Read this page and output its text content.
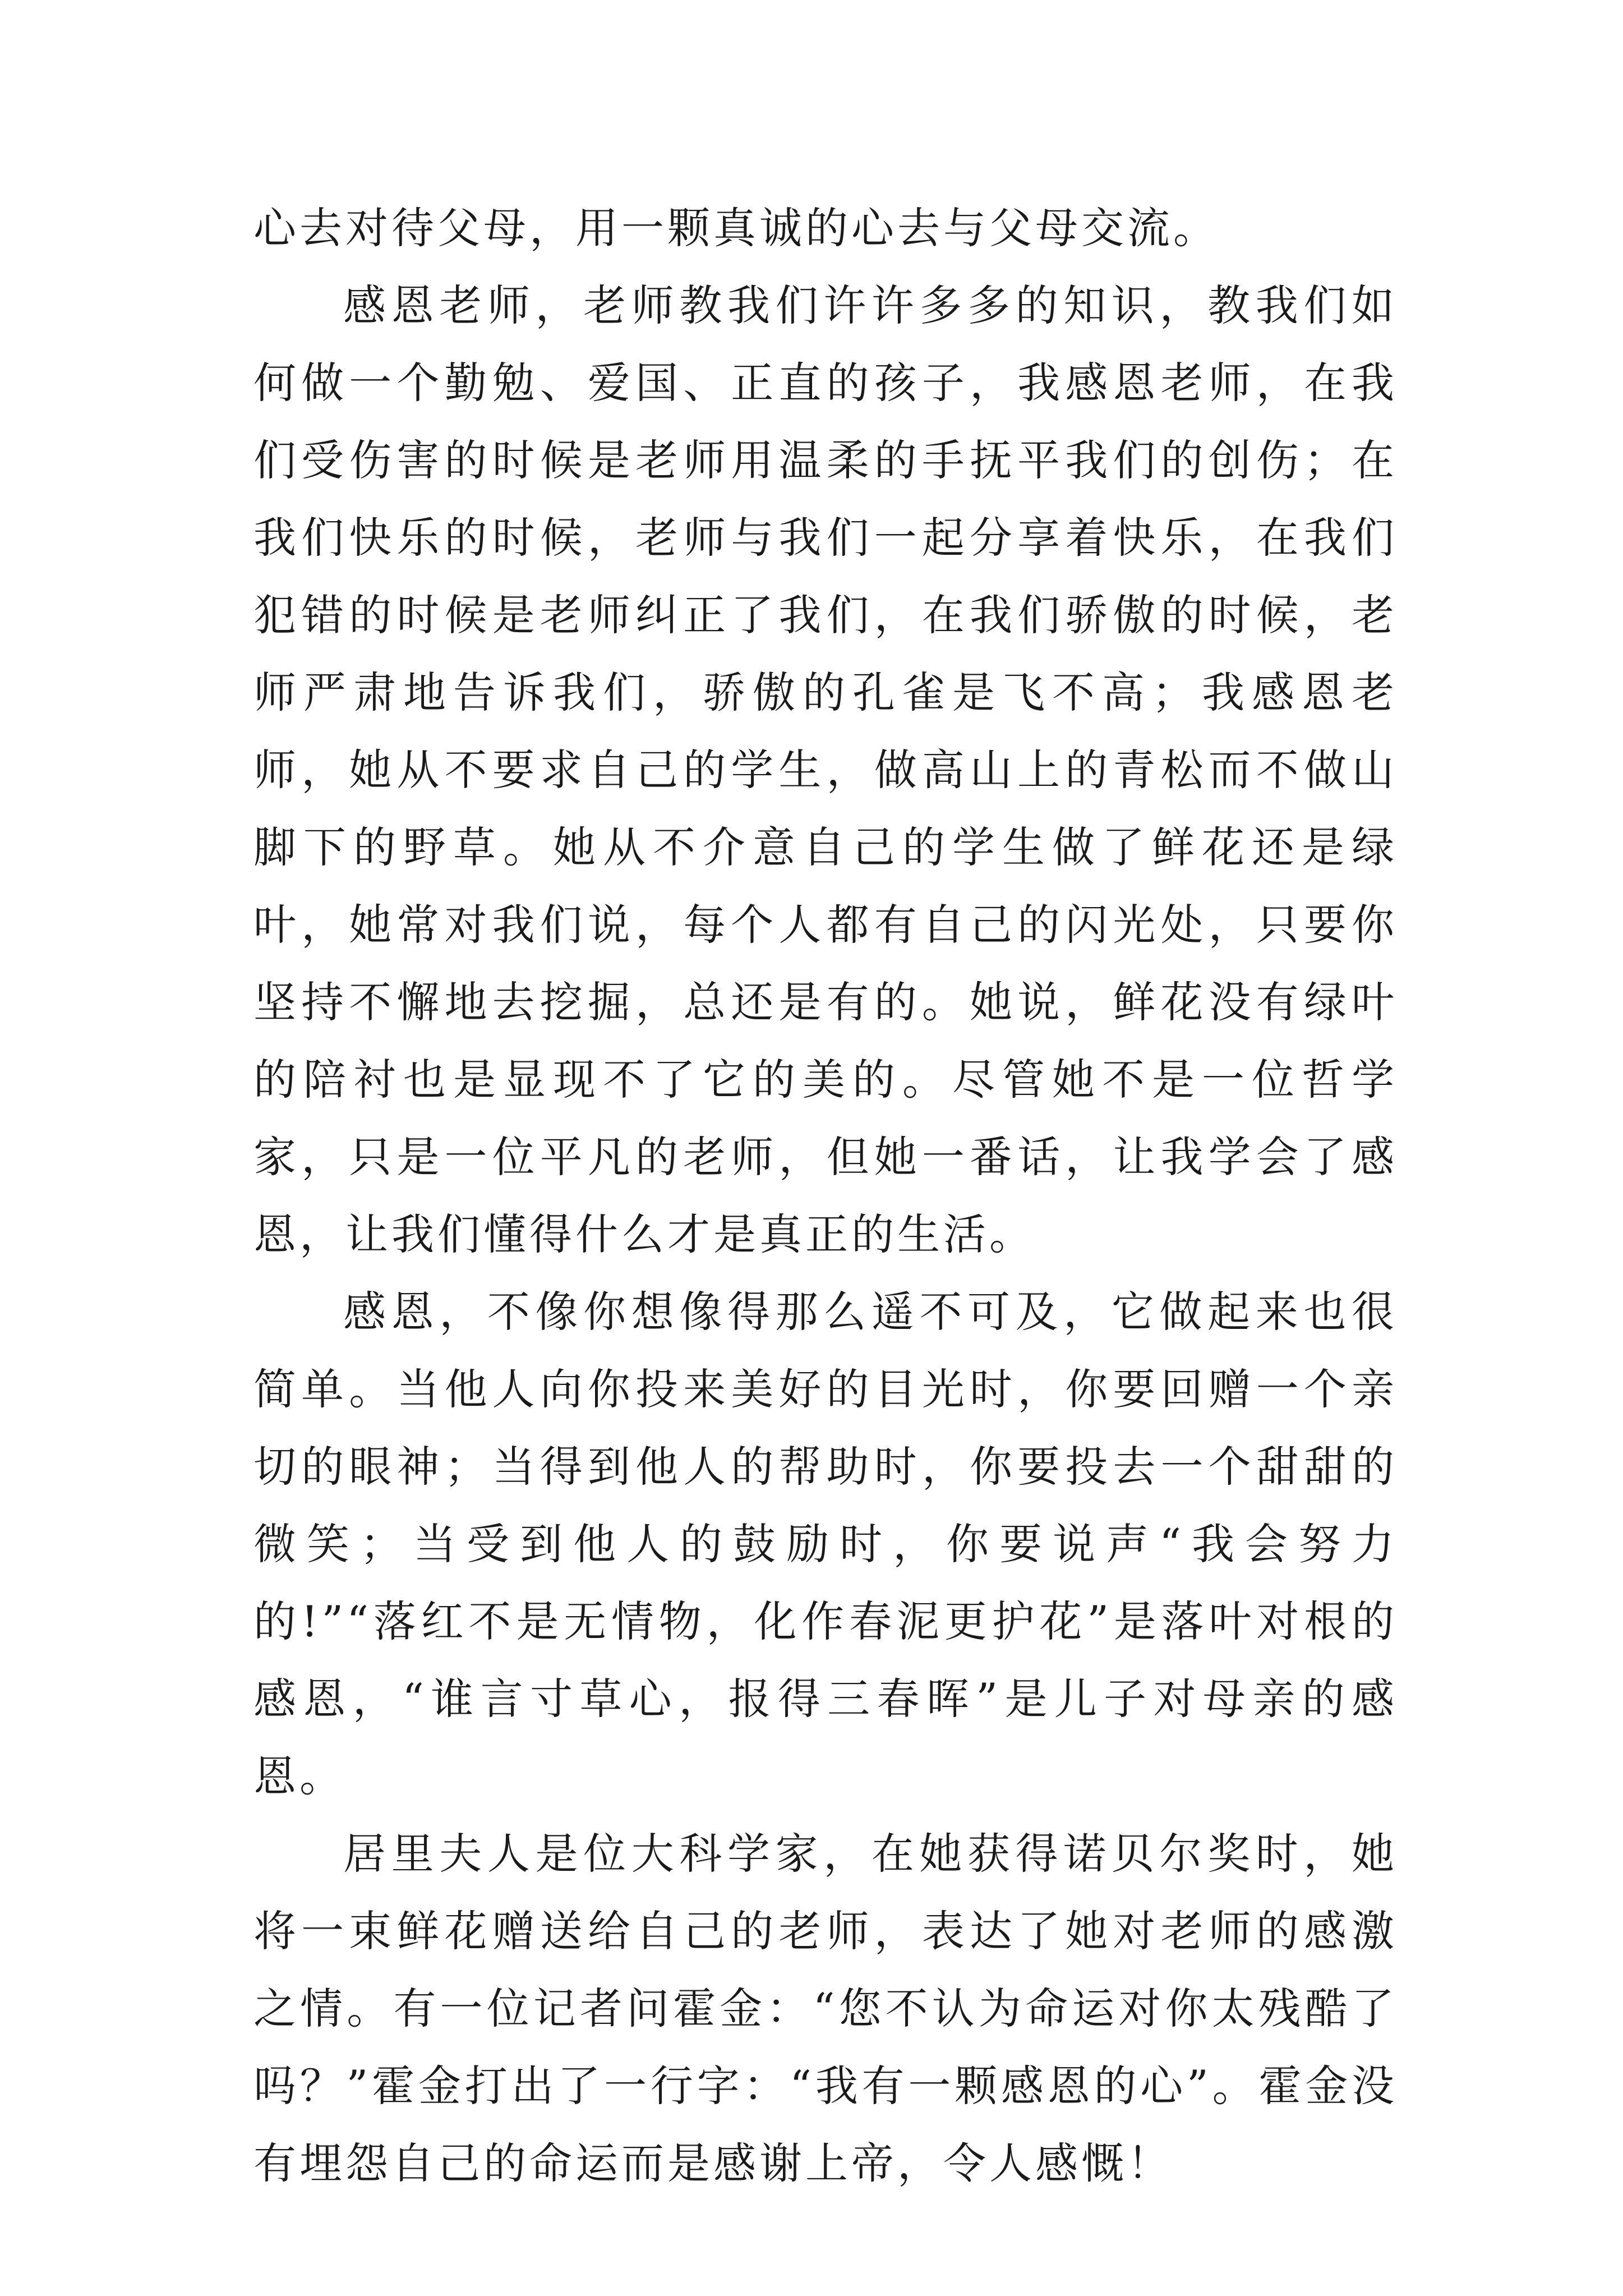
心去对待父母，用一颗真诚的心去与父母交流。

感恩老师，老师教我们许许多多的知识，教我们如何做一个勤勉、爱国、正直的孩子，我感恩老师，在我们受伤害的时候是老师用温柔的手抚平我们的创伤；在我们快乐的时候，老师与我们一起分享着快乐，在我们犯错的时候是老师纠正了我们，在我们骄傲的时候，老师严肃地告诉我们，骄傲的孔雀是飞不高；我感恩老师，她从不要求自己的学生，做高山上的青松而不做山脚下的野草。她从不介意自己的学生做了鲜花还是绿叶，她常对我们说，每个人都有自己的闪光处，只要你坚持不懈地去挖掘，总还是有的。她说，鲜花没有绿叶的陪衬也是显现不了它的美的。尽管她不是一位哲学家，只是一位平凡的老师，但她一番话，让我学会了感恩，让我们懂得什么才是真正的生活。

感恩，不像你想像得那么遥不可及，它做起来也很简单。当他人向你投来美好的目光时，你要回赠一个亲切的眼神；当得到他人的帮助时，你要投去一个甜甜的微笑；当受到他人的鼓励时，你要说声“我会努力的!”“落红不是无情物，化作春泥更护花”是落叶对根的感恩，“谁言寸草心，报得三春晖”是儿子对母亲的感恩。

居里夫人是位大科学家，在她获得诺贝尔奖时，她将一束鲜花赠送给自己的老师，表达了她对老师的感激之情。有一位记者问霍金：“您不认为命运对你太残酷了吗？”霍金打出了一行字：“我有一颗感恩的心”。霍金没有埋怨自己的命运而是感谢上帝，令人感慨！
